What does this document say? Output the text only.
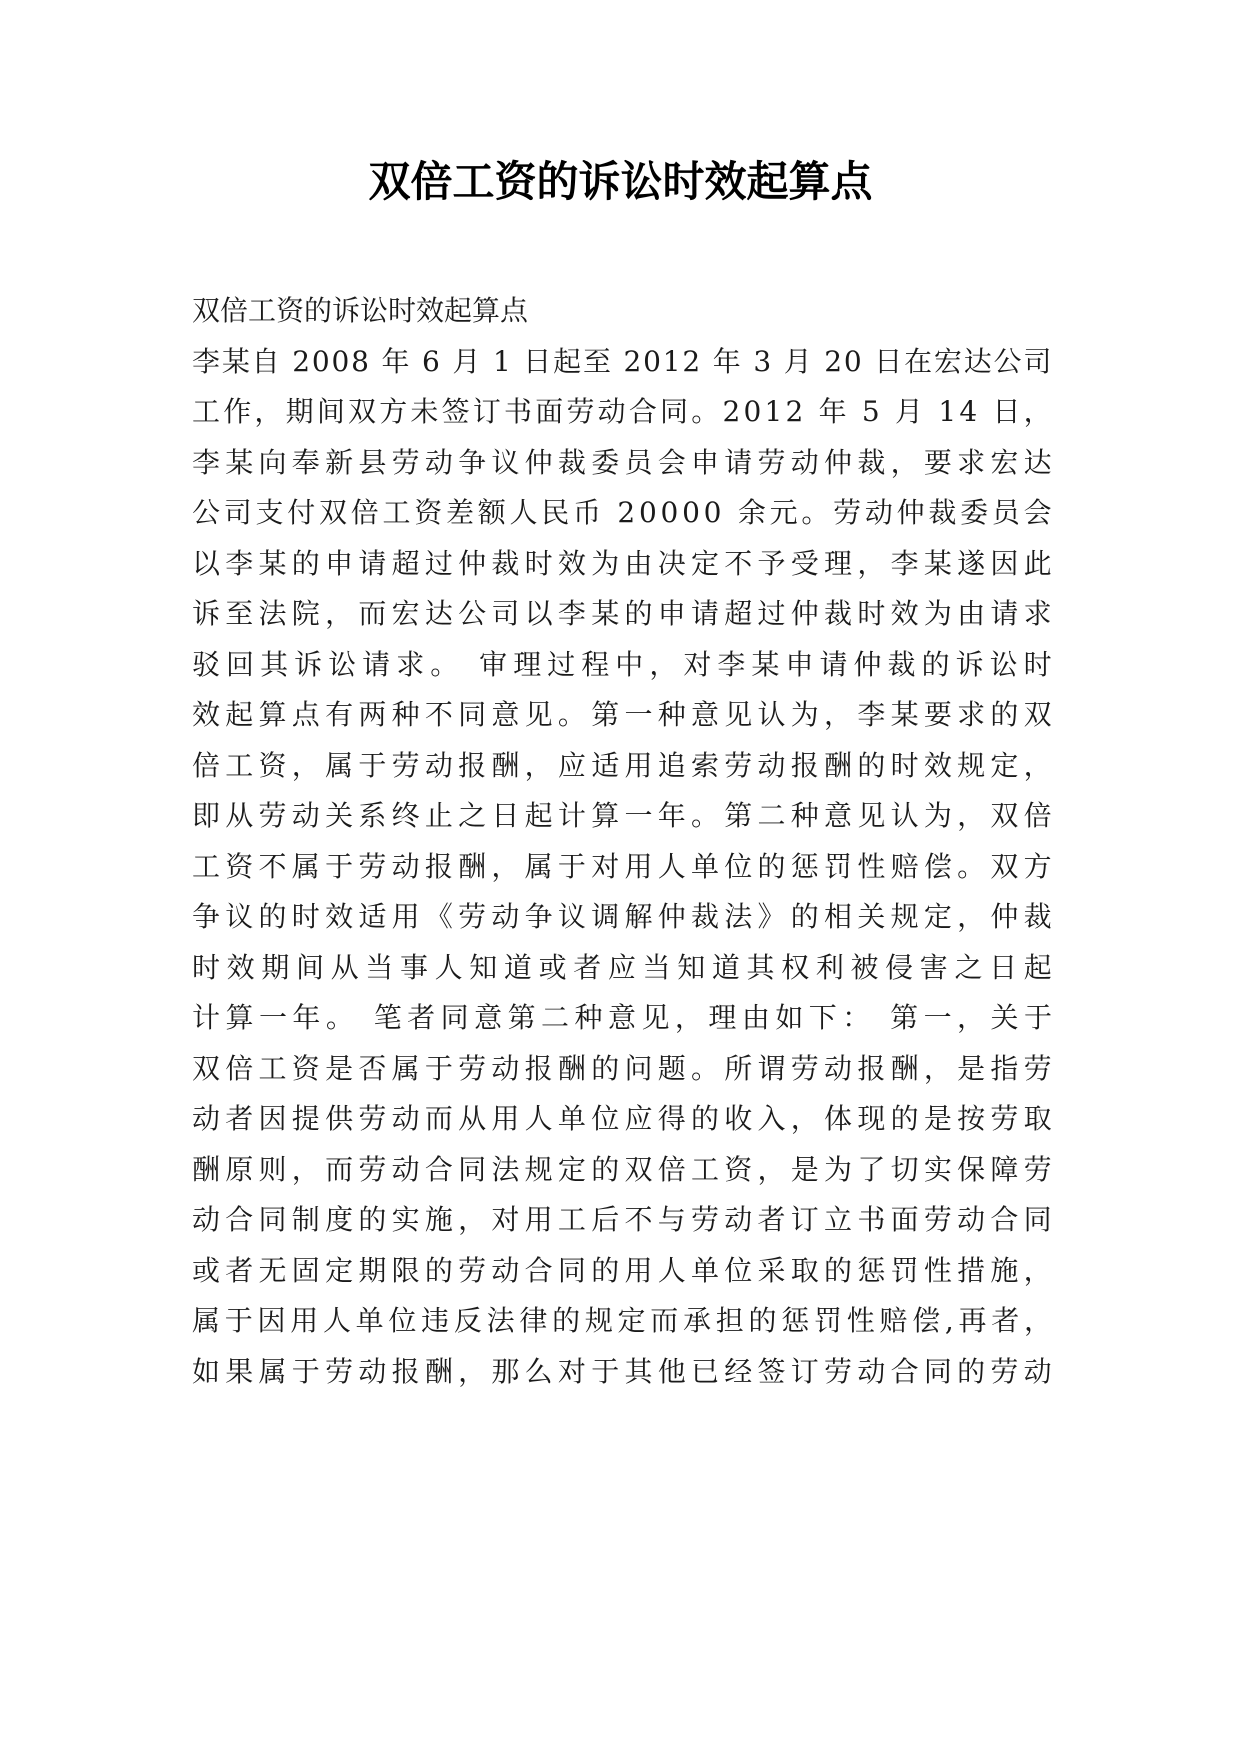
双倍工资的诉讼时效起算点
双倍工资的诉讼时效起算点
李 某 自
2 0 0 8
年
6
月
1
日 起 至
2 0 1 2
年
3
月
2 0
日 在 宏 达 公 司
工 作 ， 期 间 双 方 未 签 订 书 面 劳 动 合 同 。 2 0 1 2
年
5
月
1 4
日 ，
李 某 向 奉 新 县 劳 动 争 议 仲 裁 委 员 会 申 请 劳 动 仲 裁 ， 要 求 宏 达
公 司 支 付 双 倍 工 资 差 额 人 民 币
2 0 0 0 0
余 元 。 劳 动 仲 裁 委 员 会
以 李 某 的 申 请 超 过 仲 裁 时 效 为 由 决 定 不 予 受 理 ， 李 某 遂 因 此
诉 至 法 院 ， 而 宏 达 公 司 以 李 某 的 申 请 超 过 仲 裁 时 效 为 由 请 求
驳 回 其 诉 讼 请 求 。
审 理 过 程 中 ， 对 李 某 申 请 仲 裁 的 诉 讼 时
效 起 算 点 有 两 种 不 同 意 见 。 第 一 种 意 见 认 为 ， 李 某 要 求 的 双
倍 工 资 ， 属 于 劳 动 报 酬 ， 应 适 用 追 索 劳 动 报 酬 的 时 效 规 定 ，
即 从 劳 动 关 系 终 止 之 日 起 计 算 一 年 。 第 二 种 意 见 认 为 ， 双 倍
工 资 不 属 于 劳 动 报 酬 ， 属 于 对 用 人 单 位 的 惩 罚 性 赔 偿 。 双 方
争 议 的 时 效 适 用 《 劳 动 争 议 调 解 仲 裁 法 》 的 相 关 规 定 ， 仲 裁
时 效 期 间 从 当 事 人 知 道 或 者 应 当 知 道 其 权 利 被 侵 害 之 日 起
计 算 一 年 。
笔 者 同 意 第 二 种 意 见 ， 理 由 如 下 ：
第 一 ， 关 于
双 倍 工 资 是 否 属 于 劳 动 报 酬 的 问 题 。 所 谓 劳 动 报 酬 ， 是 指 劳
动 者 因 提 供 劳 动 而 从 用 人 单 位 应 得 的 收 入 ， 体 现 的 是 按 劳 取
酬 原 则 ， 而 劳 动 合 同 法 规 定 的 双 倍 工 资 ， 是 为 了 切 实 保 障 劳
动 合 同 制 度 的 实 施 ， 对 用 工 后 不 与 劳 动 者 订 立 书 面 劳 动 合 同
或 者 无 固 定 期 限 的 劳 动 合 同 的 用 人 单 位 采 取 的 惩 罚 性 措 施 ，
属 于 因 用 人 单 位 违 反 法 律 的 规 定 而 承 担 的 惩 罚 性 赔 偿 , 再 者 ，
如 果 属 于 劳 动 报 酬 ， 那 么 对 于 其 他 已 经 签 订 劳 动 合 同 的 劳 动
